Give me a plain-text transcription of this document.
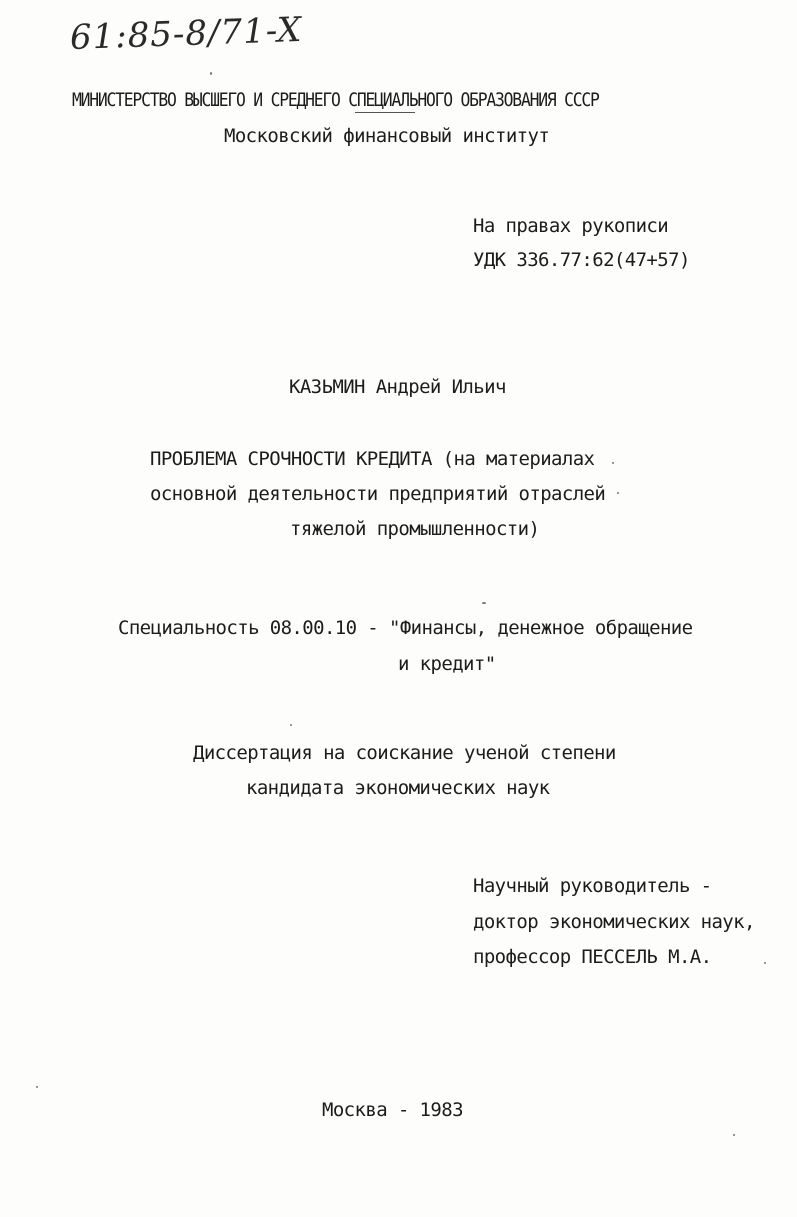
61:85-8/71-X
МИНИСТЕРСТВО ВЫСШЕГО И СРЕДНЕГО СПЕЦИАЛЬНОГО ОБРАЗОВАНИЯ СССР
Московский финансовый институт
На правах рукописи
УДК 336.77:62(47+57)
КАЗЬМИН Андрей Ильич
ПРОБЛЕМА СРОЧНОСТИ КРЕДИТА (на материалах
основной деятельности предприятий отраслей
тяжелой промышленности)
Специальность 08.00.10 - "Финансы, денежное обращение
и кредит"
Диссертация на соискание ученой степени
кандидата экономических наук
Научный руководитель -
доктор экономических наук,
профессор ПЕССЕЛЬ М.А.
Москва - 1983
